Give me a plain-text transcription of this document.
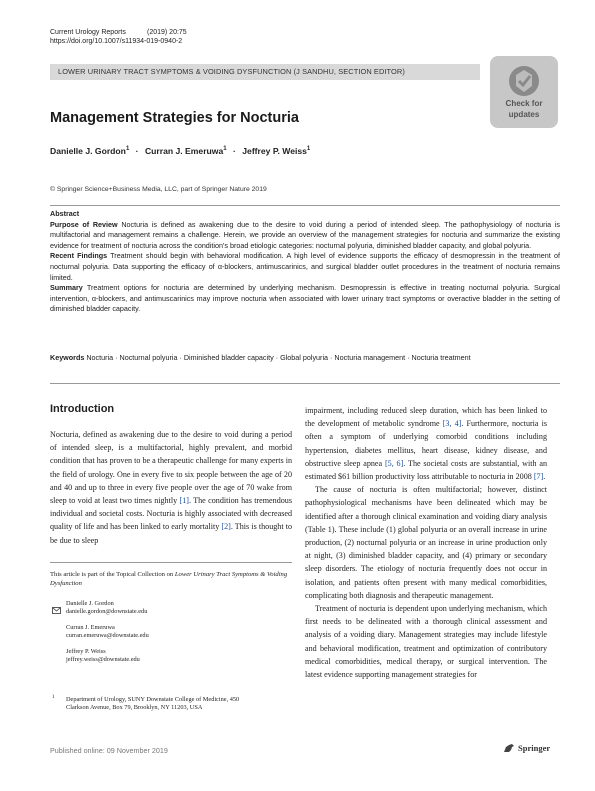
Current Urology Reports	(2019) 20:75
https://doi.org/10.1007/s11934-019-0940-2
LOWER URINARY TRACT SYMPTOMS & VOIDING DYSFUNCTION (J SANDHU, SECTION EDITOR)
Check for
updates
Management Strategies for Nocturia
Danielle J. Gordon$^1$ · Curran J. Emeruwa$^1$ · Jeffrey P. Weiss$^1$
© Springer Science+Business Media, LLC, part of Springer Nature 2019
Abstract
Purpose of Review Nocturia is defined as awakening due to the desire to void during a period of intended sleep. The pathophysiology of nocturia is multifactorial and management remains a challenge. Herein, we provide an overview of the management strategies for nocturia and summarize the existing evidence for treatment of nocturia across the condition's broad etiologic categories: nocturnal polyuria, diminished bladder capacity, and global polyuria.
Recent Findings Treatment should begin with behavioral modification. A high level of evidence supports the efficacy of desmopressin in the treatment of nocturnal polyuria. Data supporting the efficacy of α-blockers, antimuscarinics, and surgical bladder outlet procedures in the treatment of nocturia remains limited.
Summary Treatment options for nocturia are determined by underlying mechanism. Desmopressin is effective in treating nocturnal polyuria. Surgical intervention, α-blockers, and antimuscarinics may improve nocturia when associated with lower urinary tract symptoms or overactive bladder in the setting of diminished bladder capacity.
Keywords Nocturia · Nocturnal polyuria · Diminished bladder capacity · Global polyuria · Nocturia management · Nocturia treatment
Introduction
Nocturia, defined as awakening due to the desire to void during a period of intended sleep, is a multifactorial, highly prevalent, and morbid condition that has proven to be a therapeutic challenge for many experts in the field of urology. One in every five to six people between the age of 20 and 40 and up to three in every five people over the age of 70 wake from sleep to void at least two times nightly [1]. The condition has tremendous individual and societal costs. Nocturia is highly associated with decreased quality of life and has been linked to early mortality [2]. This is thought to be due to sleep
This article is part of the Topical Collection on Lower Urinary Tract Symptoms & Voiding Dysfunction
Danielle J. Gordon
danielle.gordon@downstate.edu
Curran J. Emeruwa
curran.emeruwa@downstate.edu
Jeffrey P. Weiss
jeffrey.weiss@downstate.edu
1 Department of Urology, SUNY Downstate College of Medicine, 450
Clarkson Avenue, Box 79, Brooklyn, NY 11203, USA
impairment, including reduced sleep duration, which has been linked to the development of metabolic syndrome [3, 4]. Furthermore, nocturia is often a symptom of underlying comorbid conditions including hypertension, diabetes mellitus, heart disease, kidney disease, and obstructive sleep apnea [5, 6]. The societal costs are substantial, with an estimated $61 billion productivity loss attributable to nocturia in 2008 [7].
The cause of nocturia is often multifactorial; however, distinct pathophysiological mechanisms have been delineated which may be identified after a thorough clinical examination and voiding diary analysis (Table 1). These include (1) global polyuria or an overall increase in urine production, (2) nocturnal polyuria or an increase in urine production only at night, (3) diminished bladder capacity, and (4) primary or secondary sleep disorders. The etiology of nocturia frequently does not occur in isolation, and patients often present with many medical comorbidities, complicating both diagnosis and therapeutic management.
Treatment of nocturia is dependent upon underlying mechanism, which first needs to be delineated with a thorough clinical assessment and analysis of a voiding diary. Management strategies may include lifestyle and behavioral modification, treatment and optimization of contributory medical comorbidities, medical therapy, or surgical intervention. The latest evidence supporting management strategies for
Published online: 09 November 2019	Springer
